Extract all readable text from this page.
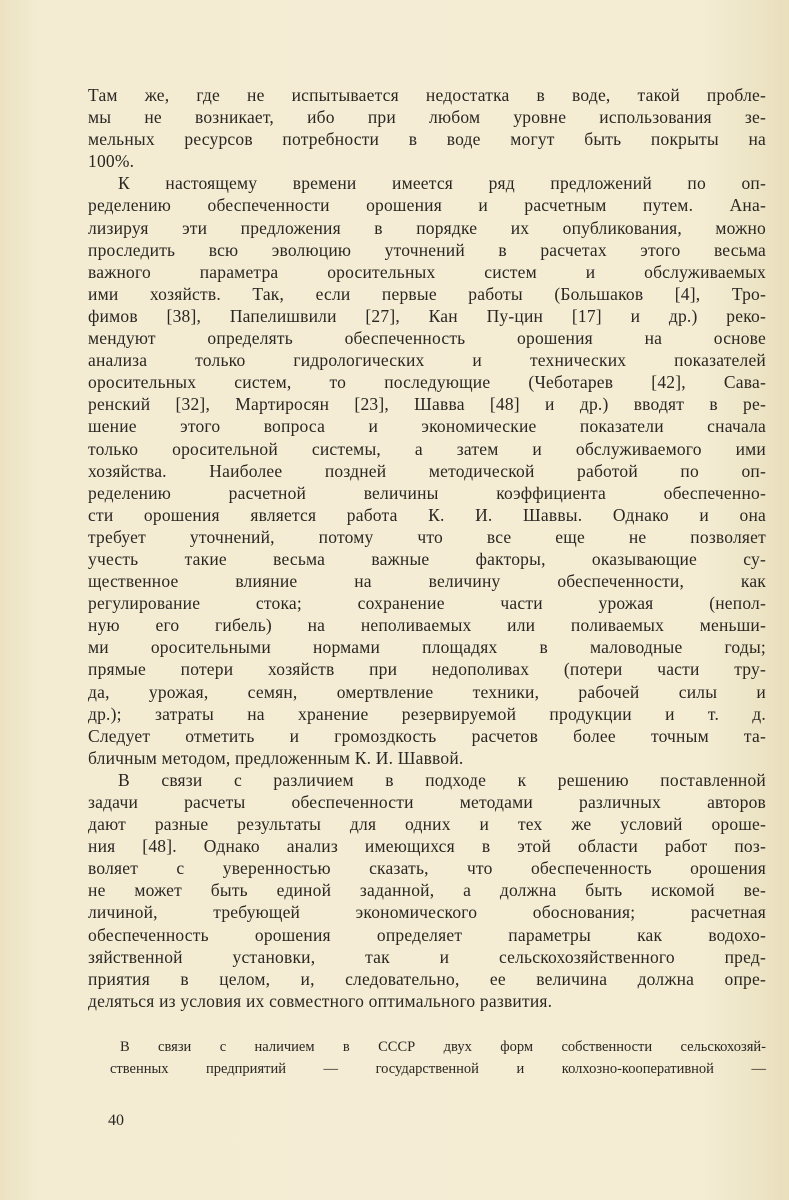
Там же, где не испытывается недостатка в воде, такой пробле-
мы не возникает, ибо при любом уровне использования зе-
мельных ресурсов потребности в воде могут быть покрыты на
100%.
К настоящему времени имеется ряд предложений по оп-
ределению обеспеченности орошения и расчетным путем. Ана-
лизируя эти предложения в порядке их опубликования, можно
проследить всю эволюцию уточнений в расчетах этого весьма
важного параметра оросительных систем и обслуживаемых
ими хозяйств. Так, если первые работы (Большаков [4], Тро-
фимов [38], Папелишвили [27], Кан Пу-цин [17] и др.) реко-
мендуют определять обеспеченность орошения на основе
анализа только гидрологических и технических показателей
оросительных систем, то последующие (Чеботарев [42], Сава-
ренский [32], Мартиросян [23], Шавва [48] и др.) вводят в ре-
шение этого вопроса и экономические показатели сначала
только оросительной системы, а затем и обслуживаемого ими
хозяйства. Наиболее поздней методической работой по оп-
ределению расчетной величины коэффициента обеспеченно-
сти орошения является работа К. И. Шаввы. Однако и она
требует уточнений, потому что все еще не позволяет
учесть такие весьма важные факторы, оказывающие су-
щественное влияние на величину обеспеченности, как
регулирование стока; сохранение части урожая (непол-
ную его гибель) на неполиваемых или поливаемых меньши-
ми оросительными нормами площадях в маловодные годы;
прямые потери хозяйств при недополивах (потери части тру-
да, урожая, семян, омертвление техники, рабочей силы и
др.); затраты на хранение резервируемой продукции и т. д.
Следует отметить и громоздкость расчетов более точным та-
бличным методом, предложенным К. И. Шаввой.
В связи с различием в подходе к решению поставленной
задачи расчеты обеспеченности методами различных авторов
дают разные результаты для одних и тех же условий ороше-
ния [48]. Однако анализ имеющихся в этой области работ поз-
воляет с уверенностью сказать, что обеспеченность орошения
не может быть единой заданной, а должна быть искомой ве-
личиной, требующей экономического обоснования; расчетная
обеспеченность орошения определяет параметры как водохо-
зяйственной установки, так и сельскохозяйственного пред-
приятия в целом, и, следовательно, ее величина должна опре-
деляться из условия их совместного оптимального развития.
В связи с наличием в СССР двух форм собственности сельскохозяй-
ственных предприятий — государственной и колхозно-кооперативной —
40
